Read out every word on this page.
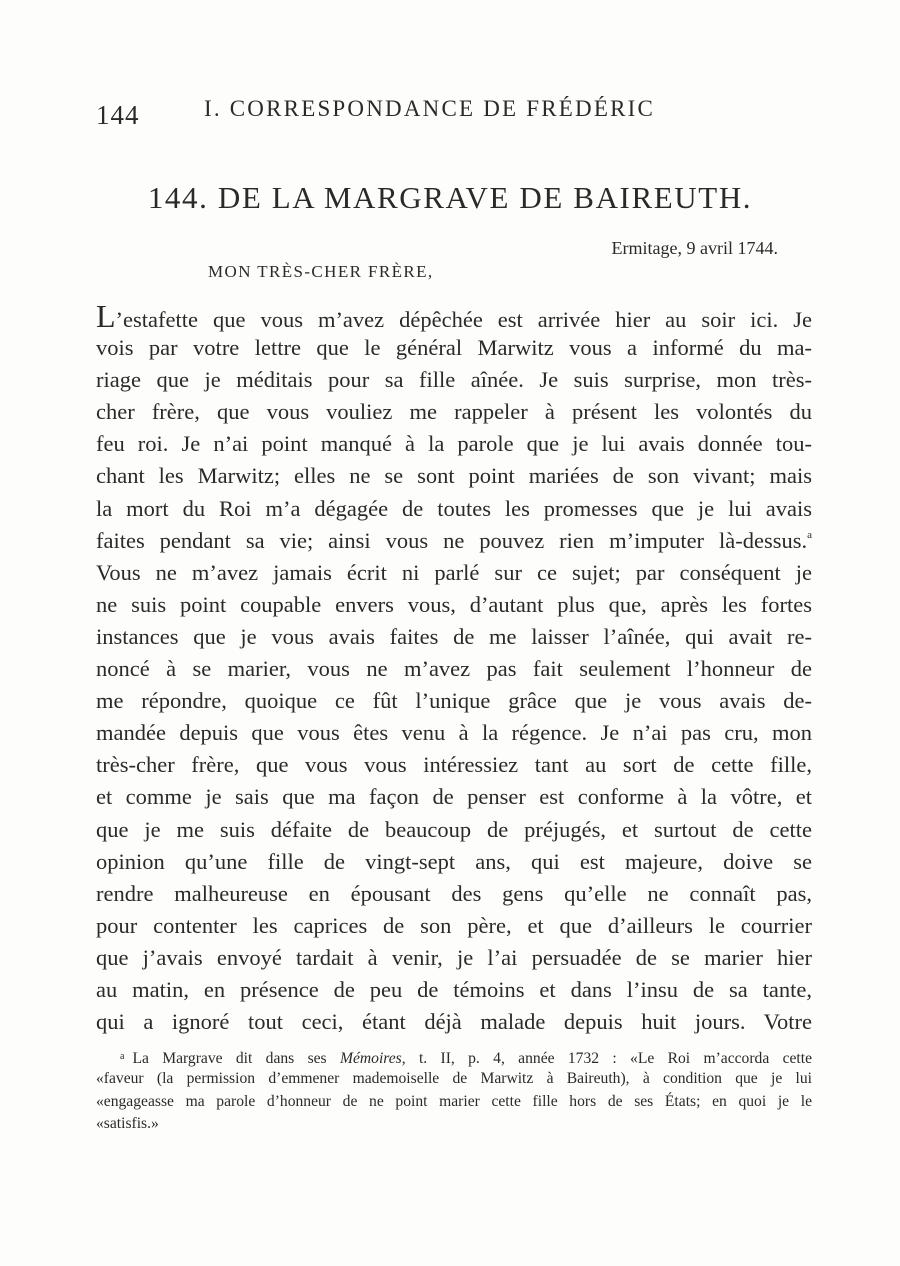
144	I. CORRESPONDANCE DE FRÉDÉRIC
144. DE LA MARGRAVE DE BAIREUTH.
Ermitage, 9 avril 1744.
MON TRÈS-CHER FRÈRE,
L’estafette que vous m’avez dépêchée est arrivée hier au soir ici. Je
vois par votre lettre que le général Marwitz vous a informé du ma-
riage que je méditais pour sa fille aînée. Je suis surprise, mon très-
cher frère, que vous vouliez me rappeler à présent les volontés du
feu roi. Je n’ai point manqué à la parole que je lui avais donnée tou-
chant les Marwitz; elles ne se sont point mariées de son vivant; mais
la mort du Roi m’a dégagée de toutes les promesses que je lui avais
faites pendant sa vie; ainsi vous ne pouvez rien m’imputer là-dessus.$^a$
Vous ne m’avez jamais écrit ni parlé sur ce sujet; par conséquent je
ne suis point coupable envers vous, d’autant plus que, après les fortes
instances que je vous avais faites de me laisser l’aînée, qui avait re-
noncé à se marier, vous ne m’avez pas fait seulement l’honneur de
me répondre, quoique ce fût l’unique grâce que je vous avais de-
mandée depuis que vous êtes venu à la régence. Je n’ai pas cru, mon
très-cher frère, que vous vous intéressiez tant au sort de cette fille,
et comme je sais que ma façon de penser est conforme à la vôtre, et
que je me suis défaite de beaucoup de préjugés, et surtout de cette
opinion qu’une fille de vingt-sept ans, qui est majeure, doive se
rendre malheureuse en épousant des gens qu’elle ne connaît pas,
pour contenter les caprices de son père, et que d’ailleurs le courrier
que j’avais envoyé tardait à venir, je l’ai persuadée de se marier hier
au matin, en présence de peu de témoins et dans l’insu de sa tante,
qui a ignoré tout ceci, étant déjà malade depuis huit jours. Votre
$^a$ La Margrave dit dans ses Mémoires, t. II, p. 4, année 1732 : «Le Roi m’accorda cette
«faveur (la permission d’emmener mademoiselle de Marwitz à Baireuth), à condition que je lui
«engageasse ma parole d’honneur de ne point marier cette fille hors de ses États; en quoi je le
«satisfis.»
